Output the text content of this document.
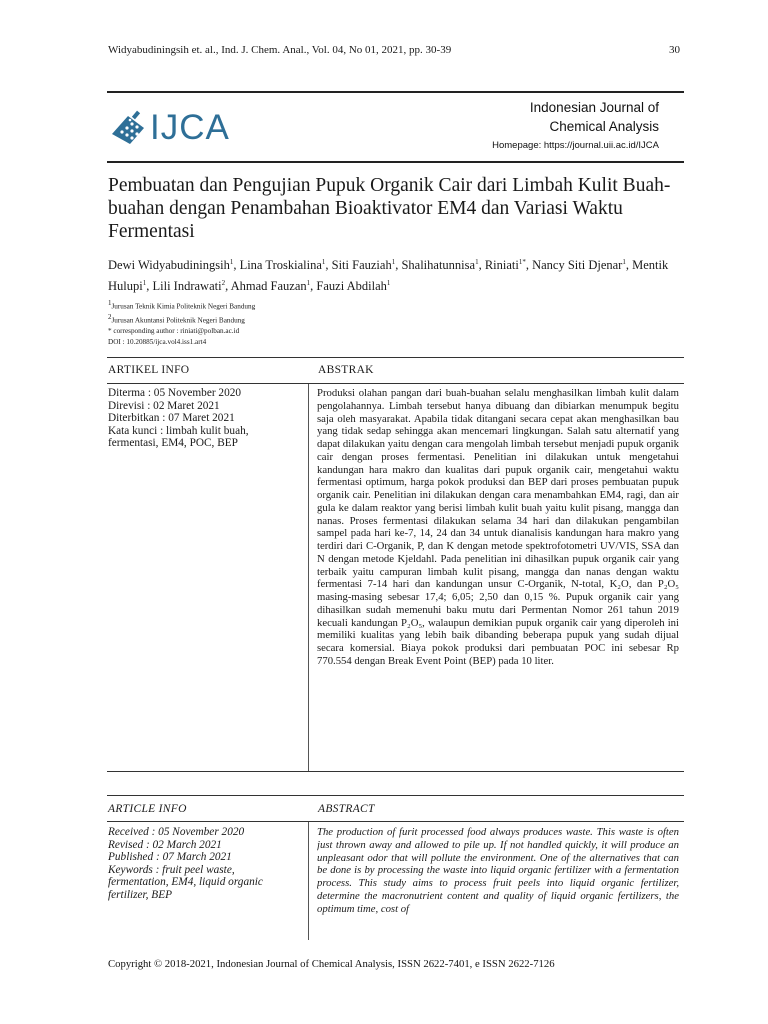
Widyabudiningsih et. al., Ind. J. Chem. Anal., Vol. 04, No 01, 2021, pp. 30-39	30
IJCA
Indonesian Journal of
Chemical Analysis
Homepage: https://journal.uii.ac.id/IJCA
Pembuatan dan Pengujian Pupuk Organik Cair dari Limbah Kulit Buah-buahan dengan Penambahan Bioaktivator EM4 dan Variasi Waktu Fermentasi
Dewi Widyabudiningsih$^1$, Lina Troskialina$^1$, Siti Fauziah$^1$, Shalihatunnisa$^1$, Riniati$^{1*}$, Nancy Siti Djenar$^1$, Mentik Hulupi$^1$, Lili Indrawati$^2$, Ahmad Fauzan$^1$, Fauzi Abdilah$^1$
$^1$Jurusan Teknik Kimia Politeknik Negeri Bandung
$^2$Jurusan Akuntansi Politeknik Negeri Bandung
* corresponding author : riniati@polban.ac.id
DOI : 10.20885/ijca.vol4.iss1.art4
ARTIKEL INFO	ABSTRAK
Diterma : 05 November 2020
Direvisi : 02 Maret 2021
Diterbitkan : 07 Maret 2021
Kata kunci : limbah kulit buah,
fermentasi, EM4, POC, BEP
Produksi olahan pangan dari buah-buahan selalu menghasilkan limbah kulit dalam pengolahannya. Limbah tersebut hanya dibuang dan dibiarkan menumpuk begitu saja oleh masyarakat. Apabila tidak ditangani secara cepat akan menghasilkan bau yang tidak sedap sehingga akan mencemari lingkungan. Salah satu alternatif yang dapat dilakukan yaitu dengan cara mengolah limbah tersebut menjadi pupuk organik cair dengan proses fermentasi. Penelitian ini dilakukan untuk mengetahui kandungan hara makro dan kualitas dari pupuk organik cair, mengetahui waktu fermentasi optimum, harga pokok produksi dan BEP dari proses pembuatan pupuk organik cair. Penelitian ini dilakukan dengan cara menambahkan EM4, ragi, dan air gula ke dalam reaktor yang berisi limbah kulit buah yaitu kulit pisang, mangga dan nanas. Proses fermentasi dilakukan selama 34 hari dan dilakukan pengambilan sampel pada hari ke-7, 14, 24 dan 34 untuk dianalisis kandungan hara makro yang terdiri dari C-Organik, P, dan K dengan metode spektrofotometri UV/VIS, SSA dan N dengan metode Kjeldahl. Pada penelitian ini dihasilkan pupuk organik cair yang terbaik yaitu campuran limbah kulit pisang, mangga dan nanas dengan waktu fermentasi 7-14 hari dan kandungan unsur C-Organik, N-total, K₂O, dan P₂O₅ masing-masing sebesar 17,4; 6,05; 2,50 dan 0,15 %. Pupuk organik cair yang dihasilkan sudah memenuhi baku mutu dari Permentan Nomor 261 tahun 2019 kecuali kandungan P₂O₅, walaupun demikian pupuk organik cair yang diperoleh ini memiliki kualitas yang lebih baik dibanding beberapa pupuk yang sudah dijual secara komersial. Biaya pokok produksi dari pembuatan POC ini sebesar Rp 770.554 dengan Break Event Point (BEP) pada 10 liter.
ARTICLE INFO	ABSTRACT
Received : 05 November 2020
Revised : 02 March 2021
Published : 07 March 2021
Keywords : fruit peel waste,
fermentation, EM4, liquid organic
fertilizer, BEP
The production of furit processed food always produces waste. This waste is often just thrown away and allowed to pile up. If not handled quickly, it will produce an unpleasant odor that will pollute the environment. One of the alternatives that can be done is by processing the waste into liquid organic fertilizer with a fermentation process. This study aims to process fruit peels into liquid organic fertilizer, determine the macronutrient content and quality of liquid organic fertilizers, the optimum time, cost of
Copyright © 2018-2021, Indonesian Journal of Chemical Analysis, ISSN 2622-7401, e ISSN 2622-7126
